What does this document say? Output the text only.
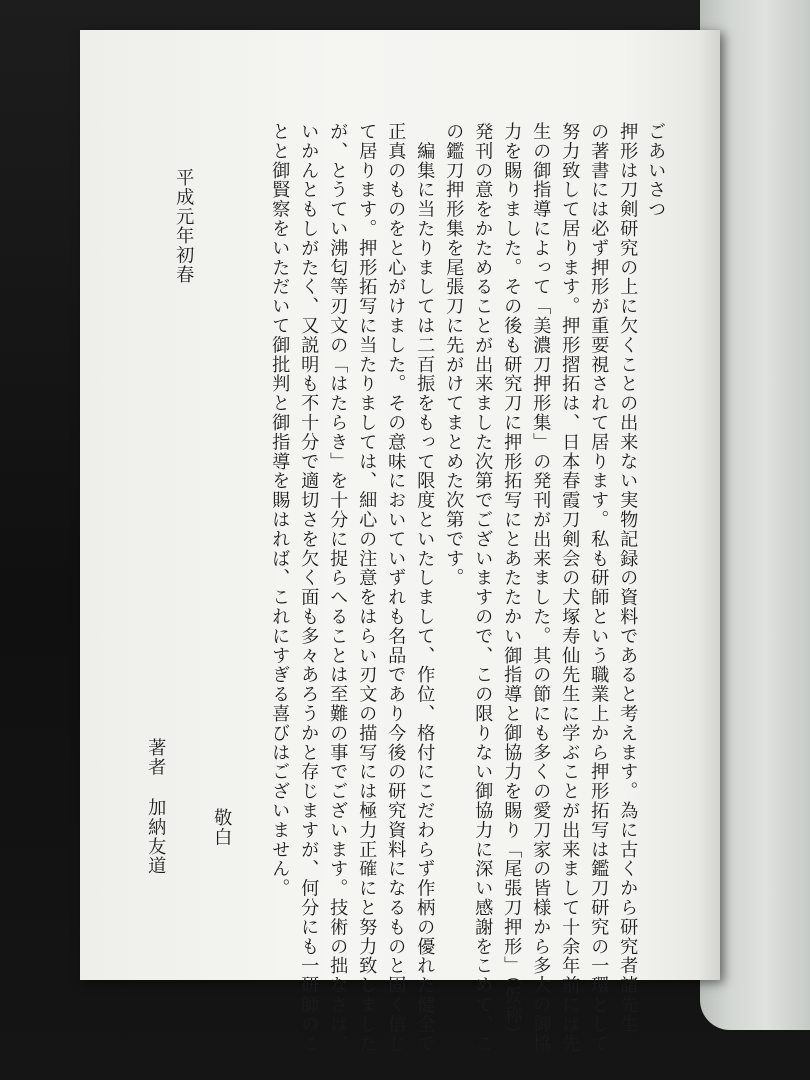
ごあいさつ
押形は刀剣研究の上に欠くことの出来ない実物記録の資料であると考えます。為に古くから研究者諸先生
の著書には必ず押形が重要視されて居ります。私も研師という職業上から押形拓写は鑑刀研究の一環として
努力致して居ります。押形摺拓は、日本春霞刀剣会の犬塚寿仙先生に学ぶことが出来まして十余年前には先
生の御指導によって「美濃刀押形集」の発刊が出来ました。其の節にも多くの愛刀家の皆様から多大の御協
力を賜りました。その後も研究刀に押形拓写にとあたたかい御指導と御協力を賜り「尾張刀押形」（仮称）
発刊の意をかためることが出来ました次第でございますので、この限りない御協力に深い感謝をこめて、こ
の鑑刀押形集を尾張刀に先がけてまとめた次第です。
　編集に当たりましては二百振をもって限度といたしまして、作位、格付にこだわらず作柄の優れた健全で
正真のものをと心がけました。その意味においていずれも名品であり今後の研究資料になるものと固く信じ
て居ります。押形拓写に当たりましては、細心の注意をはらい刃文の描写には極力正確にと努力致しました
が、とうてい沸匂等刃文の「はたらき」を十分に捉らへることは至難の事でございます。技術の拙なさは、
いかんともしがたく、又説明も不十分で適切さを欠く面も多々あろうかと存じますが、何分にも一研師のこ
とと御賢察をいただいて御批判と御指導を賜はれば、これにすぎる喜びはございません。
敬白
著者
加納友道
平成元年初春
